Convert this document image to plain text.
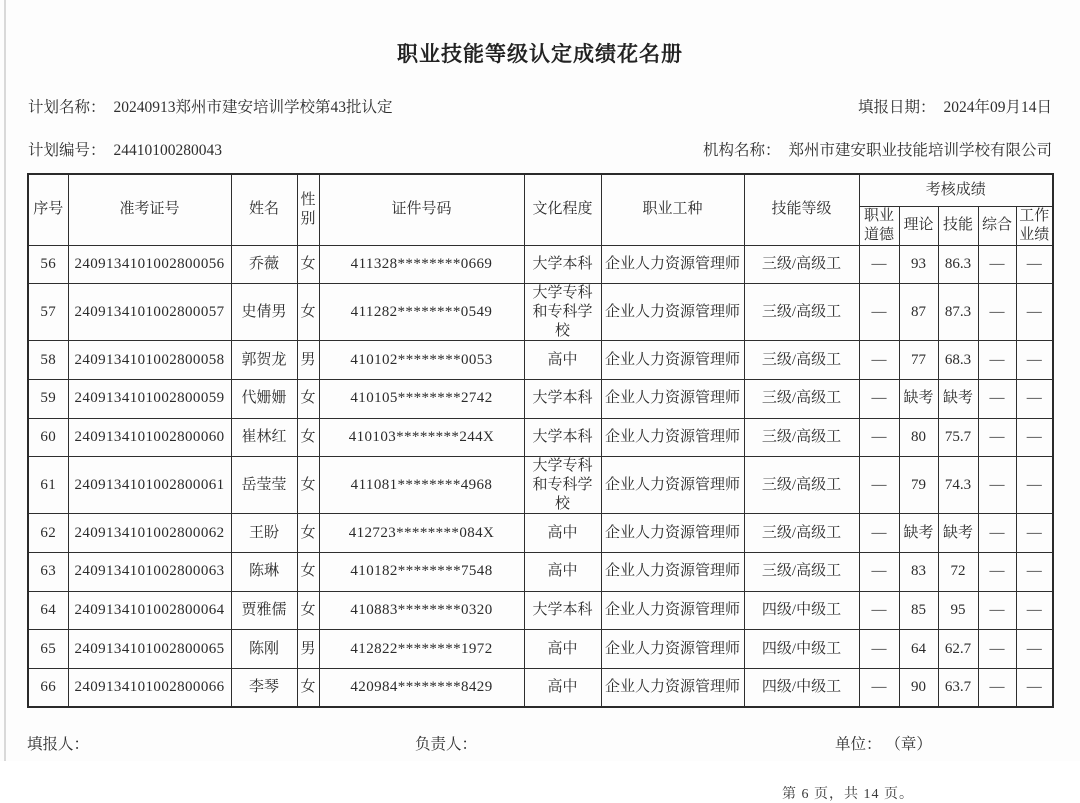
职业技能等级认定成绩花名册
计划名称： 20240913郑州市建安培训学校第43批认定	填报日期： 2024年09月14日
计划编号： 24410100280043	机构名称： 郑州市建安职业技能培训学校有限公司
序号	准考证号	姓名	性别	证件号码	文化程度	职业工种	技能等级	考核成绩				
								职业道德	理论	技能	综合	工作业绩
56	2409134101002800056	乔薇	女	411328********0669	大学本科	企业人力资源管理师	三级/高级工	—	93	86.3	—	—
57	2409134101002800057	史倩男	女	411282********0549	大学专科和专科学校	企业人力资源管理师	三级/高级工	—	87	87.3	—	—
58	2409134101002800058	郭贺龙	男	410102********0053	高中	企业人力资源管理师	三级/高级工	—	77	68.3	—	—
59	2409134101002800059	代姗姗	女	410105********2742	大学本科	企业人力资源管理师	三级/高级工	—	缺考	缺考	—	—
60	2409134101002800060	崔林红	女	410103********244X	大学本科	企业人力资源管理师	三级/高级工	—	80	75.7	—	—
61	2409134101002800061	岳莹莹	女	411081********4968	大学专科和专科学校	企业人力资源管理师	三级/高级工	—	79	74.3	—	—
62	2409134101002800062	王盼	女	412723********084X	高中	企业人力资源管理师	三级/高级工	—	缺考	缺考	—	—
63	2409134101002800063	陈琳	女	410182********7548	高中	企业人力资源管理师	三级/高级工	—	83	72	—	—
64	2409134101002800064	贾雅儒	女	410883********0320	大学本科	企业人力资源管理师	四级/中级工	—	85	95	—	—
65	2409134101002800065	陈刚	男	412822********1972	高中	企业人力资源管理师	四级/中级工	—	64	62.7	—	—
66	2409134101002800066	李琴	女	420984********8429	高中	企业人力资源管理师	四级/中级工	—	90	63.7	—	—
填报人：	负责人：	单位： （章）
第 6 页，共 14 页。
